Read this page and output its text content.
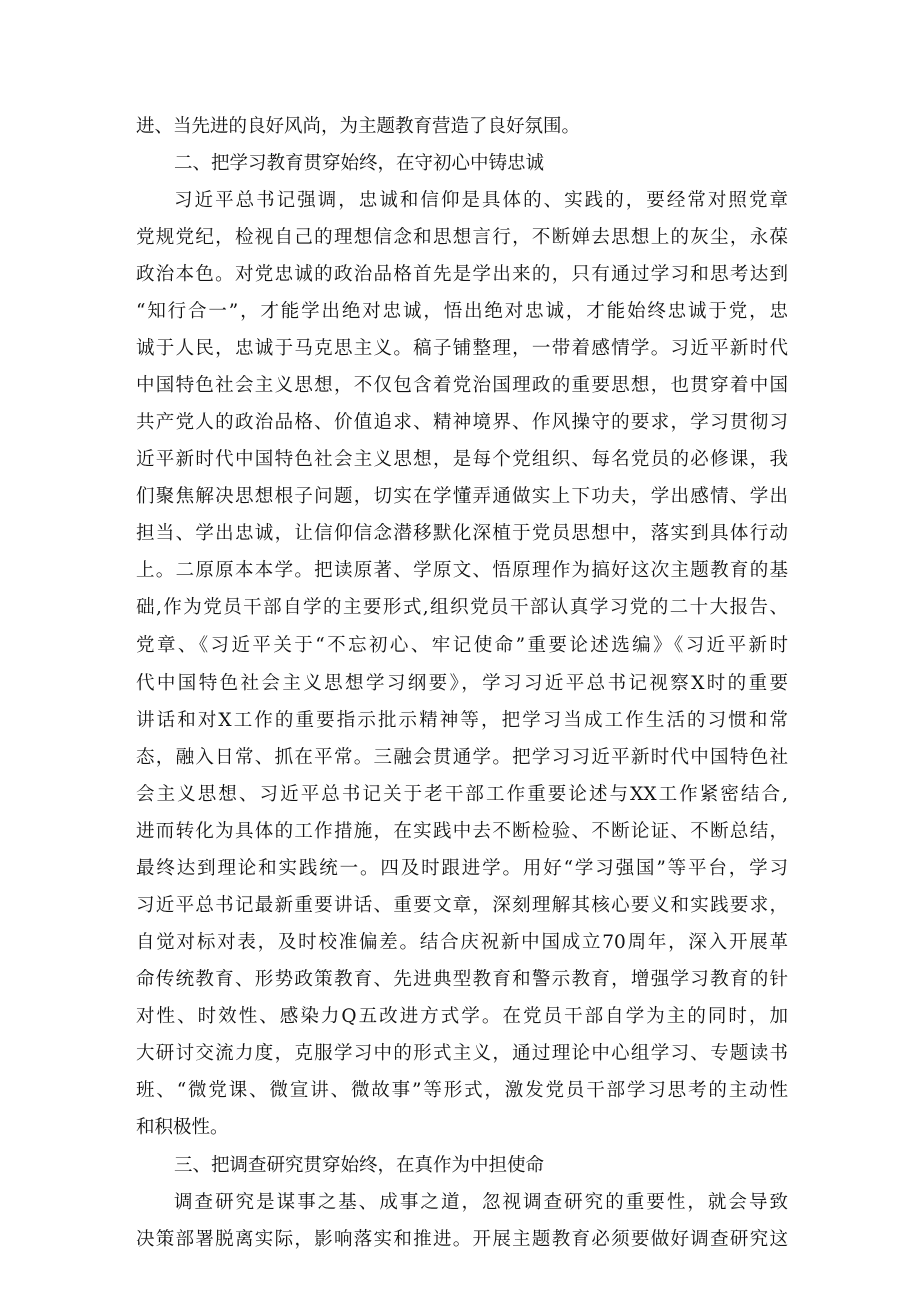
进、当先进的良好风尚，为主题教育营造了良好氛围。
二、把学习教育贯穿始终，在守初心中铸忠诚
习近平总书记强调，忠诚和信仰是具体的、实践的，要经常对照党章
党规党纪，检视自己的理想信念和思想言行，不断婵去思想上的灰尘，永葆
政治本色。对党忠诚的政治品格首先是学出来的，只有通过学习和思考达到
“知行合一”，才能学出绝对忠诚，悟出绝对忠诚，才能始终忠诚于党，忠
诚于人民，忠诚于马克思主义。稿子铺整理，一带着感情学。习近平新时代
中国特色社会主义思想，不仅包含着党治国理政的重要思想，也贯穿着中国
共产党人的政治品格、价值追求、精神境界、作风操守的要求，学习贯彻习
近平新时代中国特色社会主义思想，是每个党组织、每名党员的必修课，我
们聚焦解决思想根子问题，切实在学懂弄通做实上下功夫，学出感情、学出
担当、学出忠诚，让信仰信念潜移默化深植于党员思想中，落实到具体行动
上。二原原本本学。把读原著、学原文、悟原理作为搞好这次主题教育的基
础,作为党员干部自学的主要形式,组织党员干部认真学习党的二十大报告、
党章、《习近平关于“不忘初心、牢记使命”重要论述选编》《习近平新时
代中国特色社会主义思想学习纲要》，学习习近平总书记视察X时的重要
讲话和对X工作的重要指示批示精神等，把学习当成工作生活的习惯和常
态，融入日常、抓在平常。三融会贯通学。把学习习近平新时代中国特色社
会主义思想、习近平总书记关于老干部工作重要论述与XX工作紧密结合,
进而转化为具体的工作措施，在实践中去不断检验、不断论证、不断总结，
最终达到理论和实践统一。四及时跟进学。用好“学习强国”等平台，学习
习近平总书记最新重要讲话、重要文章，深刻理解其核心要义和实践要求，
自觉对标对表，及时校准偏差。结合庆祝新中国成立70周年，深入开展革
命传统教育、形势政策教育、先进典型教育和警示教育，增强学习教育的针
对性、时效性、感染力Q五改进方式学。在党员干部自学为主的同时，加
大研讨交流力度，克服学习中的形式主义，通过理论中心组学习、专题读书
班、“微党课、微宣讲、微故事”等形式，激发党员干部学习思考的主动性
和积极性。
三、把调查研究贯穿始终，在真作为中担使命
调查研究是谋事之基、成事之道，忽视调查研究的重要性，就会导致
决策部署脱离实际，影响落实和推进。开展主题教育必须要做好调查研究这
